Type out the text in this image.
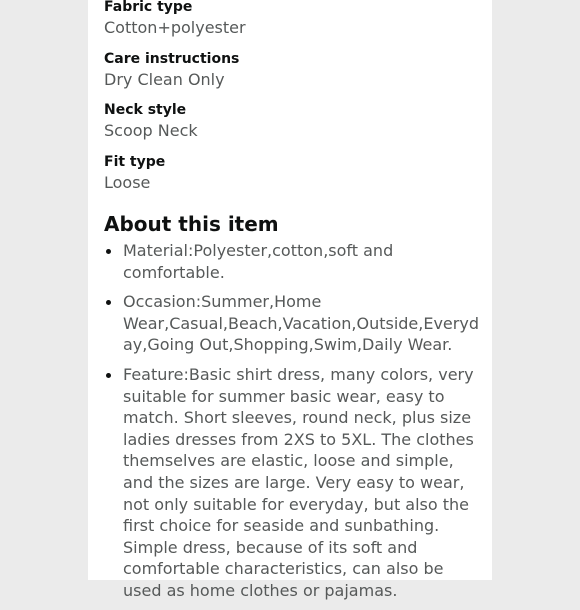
Fabric type
Cotton+polyester
Care instructions
Dry Clean Only
Neck style
Scoop Neck
Fit type
Loose
About this item
Material:Polyester,cotton,soft and comfortable.
Occasion:Summer,Home Wear,Casual,Beach,Vacation,Outside,Everyday,Going Out,Shopping,Swim,Daily Wear.
Feature:Basic shirt dress, many colors, very suitable for summer basic wear, easy to match. Short sleeves, round neck, plus size ladies dresses from 2XS to 5XL. The clothes themselves are elastic, loose and simple, and the sizes are large. Very easy to wear, not only suitable for everyday, but also the first choice for seaside and sunbathing. Simple dress, because of its soft and comfortable characteristics, can also be used as home clothes or pajamas.
